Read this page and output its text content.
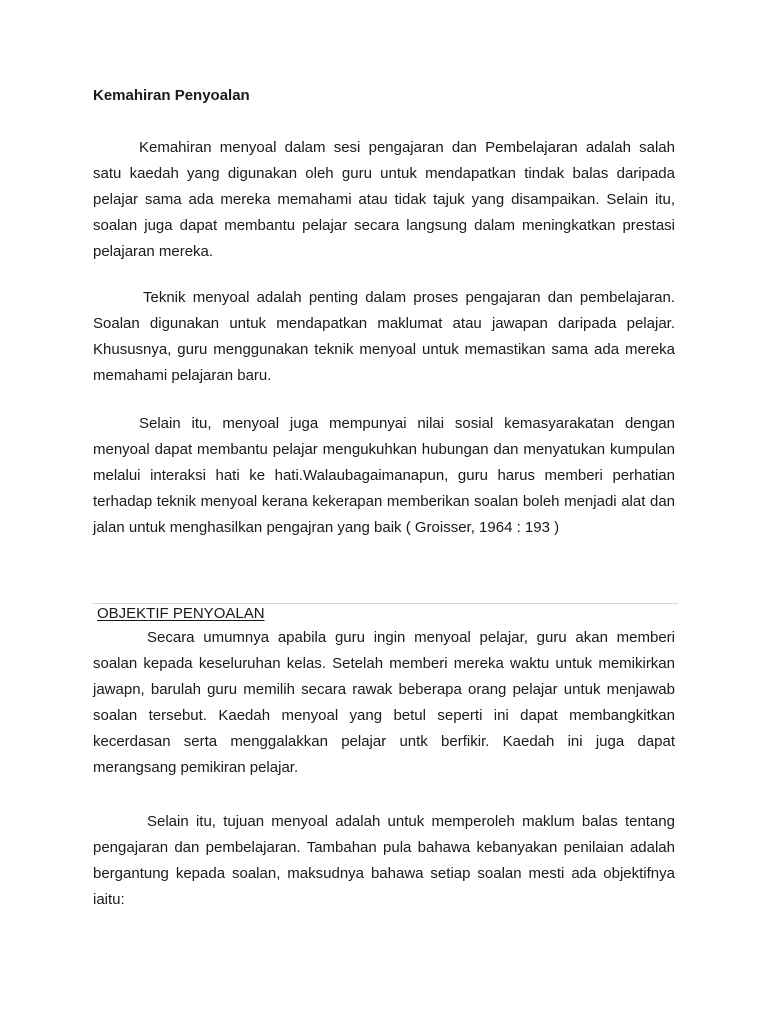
Kemahiran Penyoalan

Kemahiran menyoal dalam sesi pengajaran dan Pembelajaran adalah salah satu kaedah yang digunakan oleh guru untuk mendapatkan tindak balas daripada pelajar sama ada mereka memahami atau tidak tajuk yang disampaikan. Selain itu, soalan juga dapat membantu pelajar secara langsung dalam meningkatkan prestasi pelajaran mereka.

Teknik menyoal adalah penting dalam proses pengajaran dan pembelajaran. Soalan digunakan untuk mendapatkan maklumat atau jawapan daripada pelajar. Khususnya, guru menggunakan teknik menyoal untuk memastikan sama ada mereka memahami pelajaran baru.

Selain itu, menyoal juga mempunyai nilai sosial kemasyarakatan dengan menyoal dapat membantu pelajar mengukuhkan hubungan dan menyatukan kumpulan melalui interaksi hati ke hati.Walaubagaimanapun, guru harus memberi perhatian terhadap teknik menyoal kerana kekerapan memberikan soalan boleh menjadi alat dan jalan untuk menghasilkan pengajran yang baik ( Groisser, 1964 : 193 )

OBJEKTIF PENYOALAN

Secara umumnya apabila guru ingin menyoal pelajar, guru akan memberi soalan kepada keseluruhan kelas. Setelah memberi mereka waktu untuk memikirkan jawapn, barulah guru memilih secara rawak beberapa orang pelajar untuk menjawab soalan tersebut. Kaedah menyoal yang betul seperti ini dapat membangkitkan kecerdasan serta menggalakkan pelajar untk berfikir. Kaedah ini juga dapat merangsang pemikiran pelajar.

Selain itu, tujuan menyoal adalah untuk memperoleh maklum balas tentang pengajaran dan pembelajaran. Tambahan pula bahawa kebanyakan penilaian adalah bergantung kepada soalan, maksudnya bahawa setiap soalan mesti ada objektifnya iaitu:
